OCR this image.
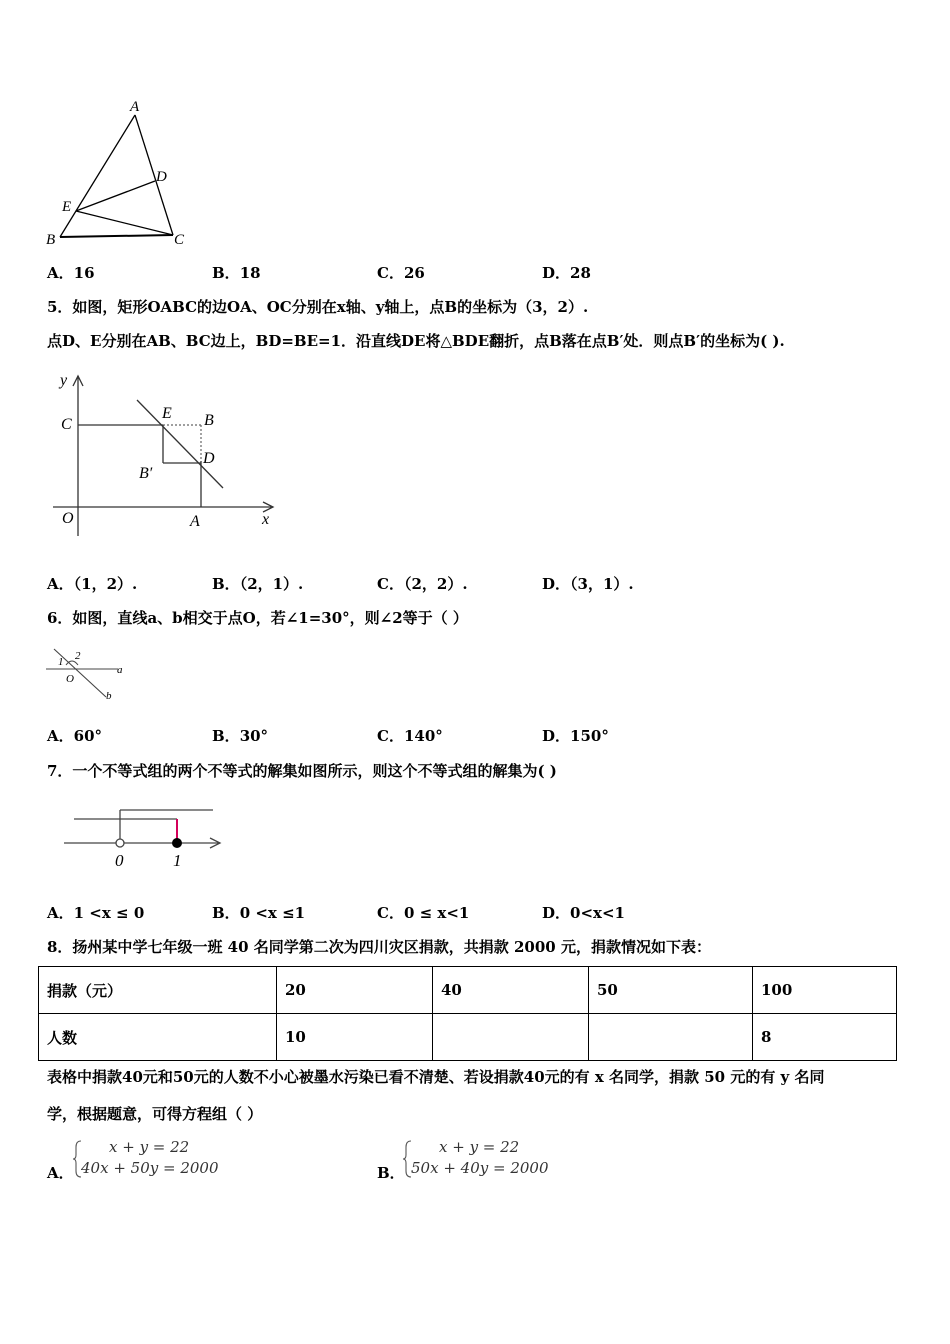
A
D
E
B	C
A．16	B．18	C．26	D．28
5．如图，矩形OABC的边OA、OC分别在x轴、y轴上，点B的坐标为（3，2）.
点D、E分别在AB、BC边上，BD=BE=1．沿直线DE将△BDE翻折，点B落在点B′处．则点B′的坐标为( ).
y
C
E B
D
B′
O	A	x
A．（1，2）.	B．（2，1）.	C．（2，2）.	D．（3，1）.
6．如图，直线a、b相交于点O，若∠1=30°，则∠2等于（ ）
1 2
O
a
b
A．60°	B．30°	C．140°	D．150°
7．一个不等式组的两个不等式的解集如图所示，则这个不等式组的解集为( )
0	1
A．1 <x ≤ 0	B．0 <x ≤1	C．0 ≤ x<1	D．0<x<1
8．扬州某中学七年级一班 40 名同学第二次为四川灾区捐款，共捐款 2000 元，捐款情况如下表：
捐款（元）	20	40	50	100
人数	10			8
表格中捐款40元和50元的人数不小心被墨水污染已看不清楚、若设捐款40元的有 x 名同学，捐款 50 元的有 y 名同
学，根据题意，可得方程组（ ）
A．
x + y = 22
40x + 50y = 2000	B．
x + y = 22
50x + 40y = 2000
